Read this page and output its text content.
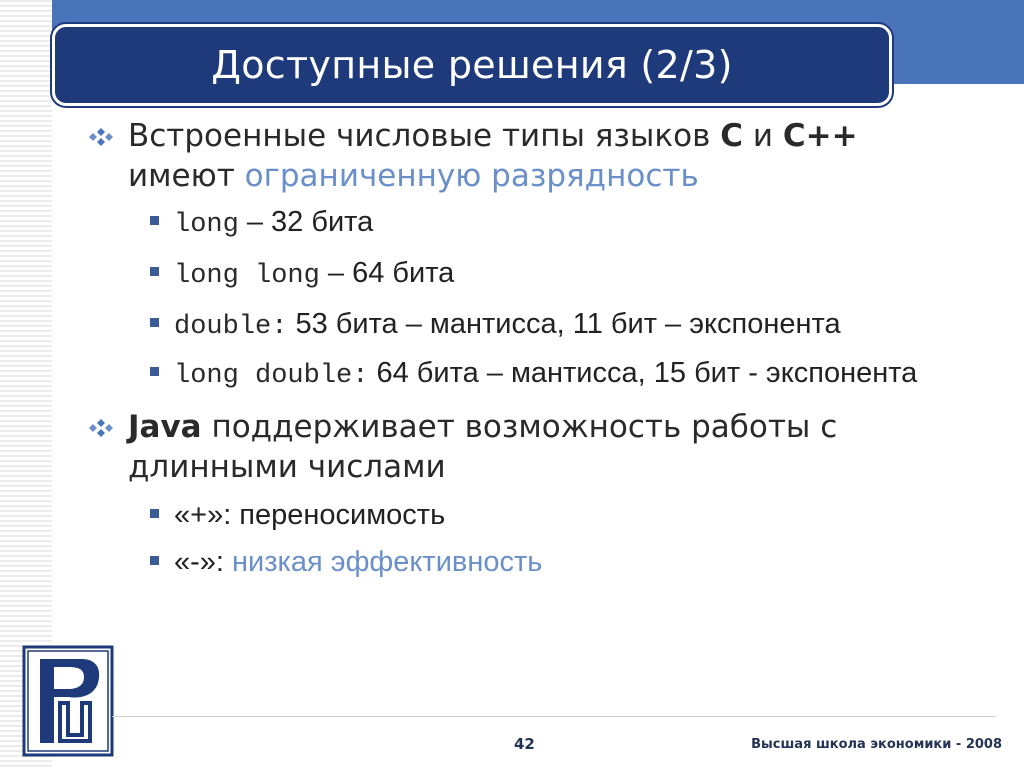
Доступные решения (2/3)
Встроенные числовые типы языков C и C++
имеют ограниченную разрядность
long – 32 бита
long long – 64 бита
double: 53 бита – мантисса, 11 бит – экспонента
long double: 64 бита – мантисса, 15 бит - экспонента
Java поддерживает возможность работы с длинными числами
«+»: переносимость
«-»: низкая эффективность
42	Высшая школа экономики - 2008
